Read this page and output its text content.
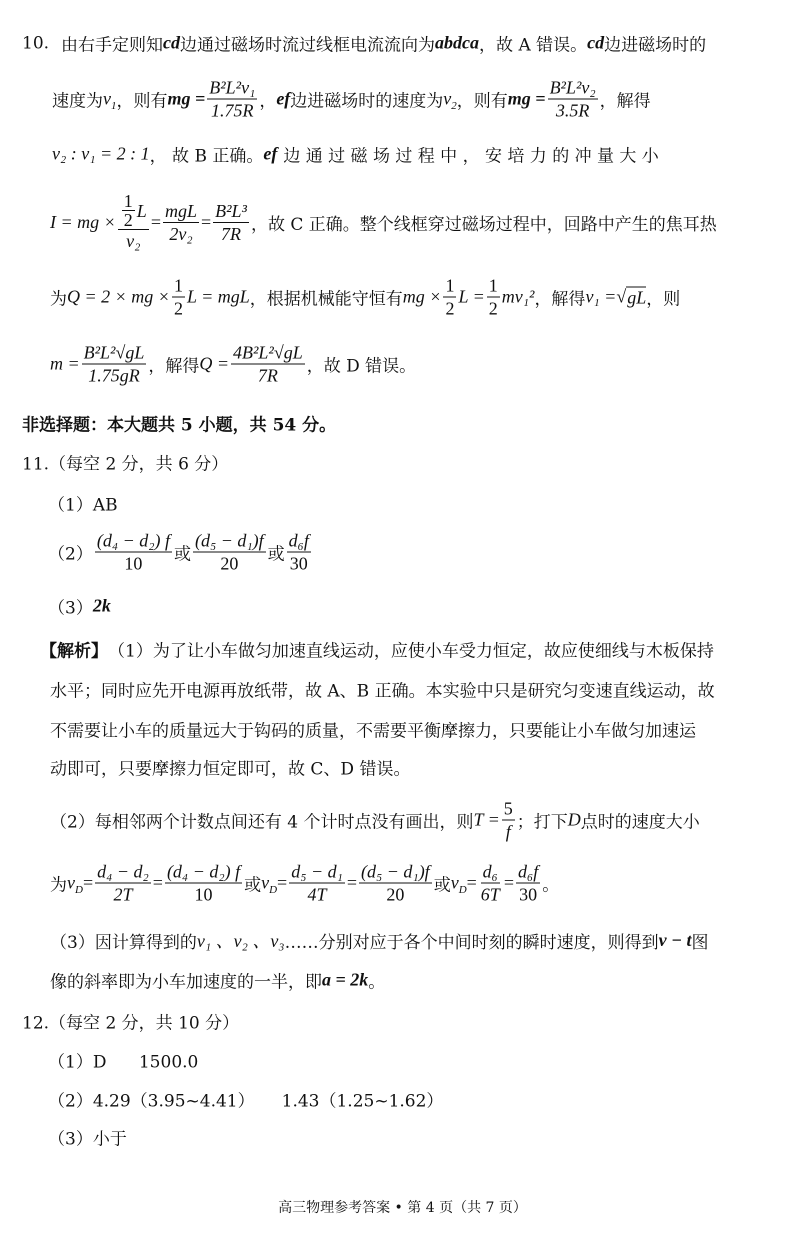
10. 由右手定则知 cd 边通过磁场时流过线框电流流向为 abdca ，故 A 错误。 cd 边进磁场时的
速度为 $v_1$ ，则有 mg = $\frac{\text{B²L²v₁}}{1.75R}$ ， ef 边进磁场时的速度为 $v_2$ ，则有 mg = $\frac{\text{B²L²v₂}}{3.5R}$ ，解得
v₂ : v₁ = 2 : 1 ， 故 B 正确。 ef 边 通 过 磁 场 过 程 中 ， 安 培 力 的 冲 量 大 小
I = mg × $\frac{\frac{1}{2} L}{\text{v₂}} = \frac{\text{mgL}}{\text{2v₂}} = \frac{\text{B²L³}}{7R}$ ，故 C 正确。整个线框穿过磁场过程中，回路中产生的焦耳热
为 Q = 2 × mg × $\frac{1}{2}$ L = mgL ，根据机械能守恒有 mg × $\frac{1}{2}$ $L = \frac{1}{2} mv_1^2$ ，解得 v₁ = √ gL ，则
$m = \frac{\text{B²L²√gL}}{1.75gR}$ ，解得 $Q = \frac{\text{4B²L²√gL}}{7R}$ ，故 D 错误。
非选择题：本大题共 5 小题，共 54 分。
11.（每空 2 分，共 6 分）
（1）AB
$(2) \frac{\text{(d₄ − d₂) f}}{10}$ 或 $\frac{\text{(d₅ − d₁)f}}{20}$ 或 $\frac{\text{d₆f}}{30}$
（3） 2k
【解析】 （1）为了让小车做匀加速直线运动，应使小车受力恒定，故应使细线与木板保持
水平；同时应先开电源再放纸带，故 A、B 正确。本实验中只是研究匀变速直线运动，故
不需要让小车的质量远大于钩码的质量，不需要平衡摩擦力，只要能让小车做匀加速运
动即可，只要摩擦力恒定即可，故 C、D 错误。
（2）每相邻两个计数点间还有 4 个计时点没有画出，则 $T = \frac{5}{f}$ ；打下 D 点时的速度大小
为 $v_D = \frac{\text{d₄ − d₂}}{2T} = \frac{\text{(d₄ − d₂) f}}{10}$ 或 $v_D = \frac{\text{d₅ − d₁}}{4T} = \frac{\text{(d₅ − d₁)f}}{20}$ 或 $v_D = \frac{\text{d₆}}{6T} = \frac{\text{d₆f}}{30}$ 。
（3）因计算得到的 v₁ 、v₂ 、v₃ ……分别对应于各个中间时刻的瞬时速度，则得到 v − t 图
像的斜率即为小车加速度的一半，即 a = 2k 。
12.（每空 2 分，共 10 分）
（1）D      1500.0
（2）4.29（3.95~4.41）     1.43（1.25~1.62）
（3）小于
高三物理参考答案 • 第 4 页（共 7 页）
